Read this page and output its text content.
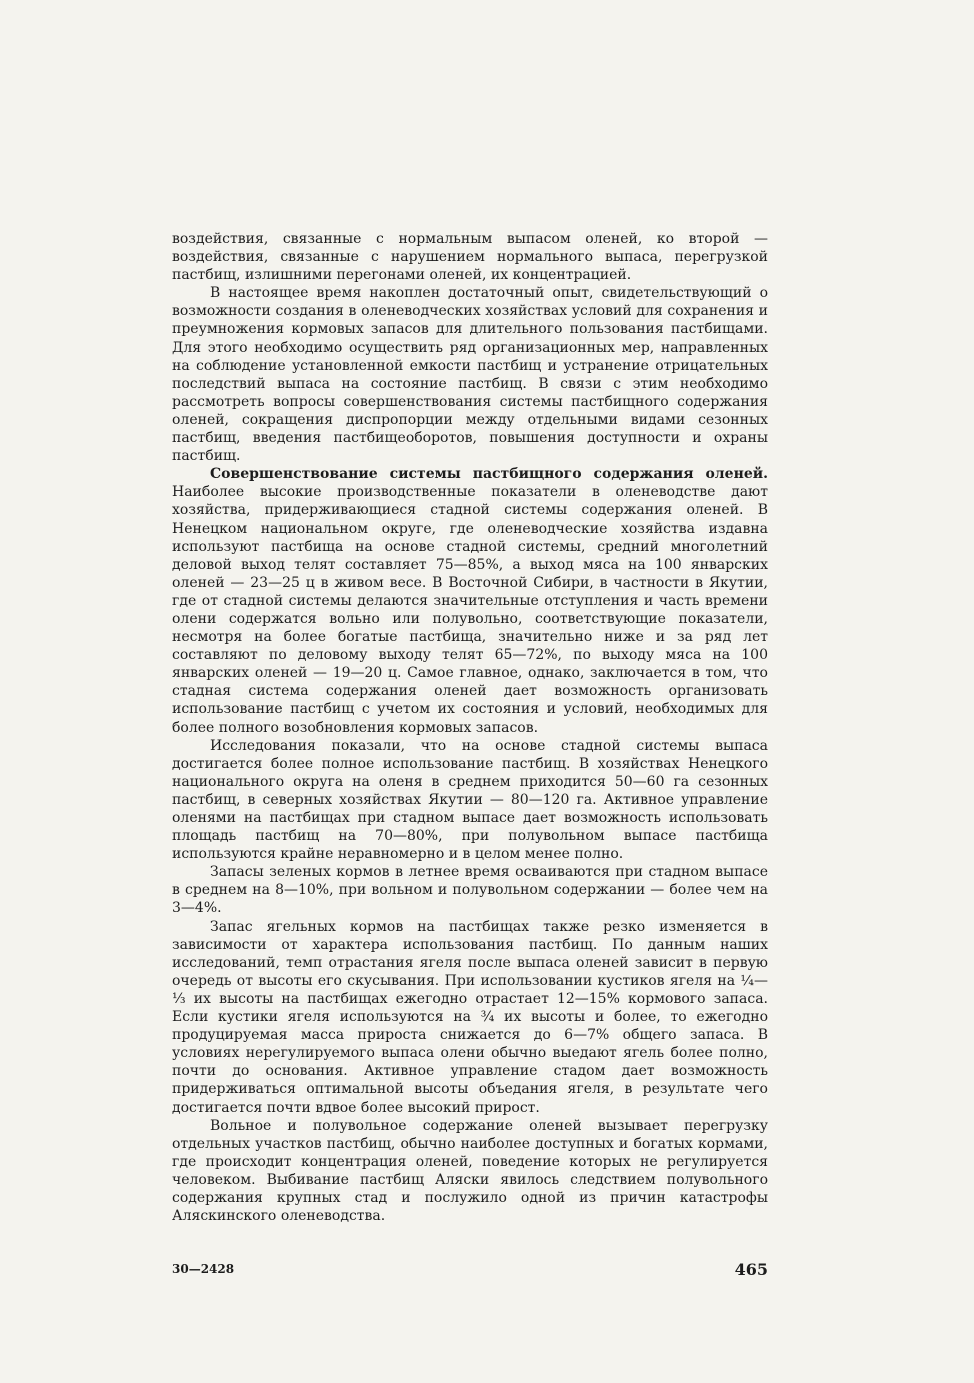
воздействия, связанные с нормальным выпасом оленей, ко второй — воздействия, связанные с нарушением нормального выпаса, перегрузкой пастбищ, излишними перегонами оленей, их концентрацией.

В настоящее время накоплен достаточный опыт, свидетельствующий о возможности создания в оленеводческих хозяйствах условий для сохранения и преумножения кормовых запасов для длительного пользования пастбищами. Для этого необходимо осуществить ряд организационных мер, направленных на соблюдение установленной емкости пастбищ и устранение отрицательных последствий выпаса на состояние пастбищ. В связи с этим необходимо рассмотреть вопросы совершенствования системы пастбищного содержания оленей, сокращения диспропорции между отдельными видами сезонных пастбищ, введения пастбищеоборотов, повышения доступности и охраны пастбищ.

Совершенствование системы пастбищного содержания оленей. Наиболее высокие производственные показатели в оленеводстве дают хозяйства, придерживающиеся стадной системы содержания оленей. В Ненецком национальном округе, где оленеводческие хозяйства издавна используют пастбища на основе стадной системы, средний многолетний деловой выход телят составляет 75—85%, а выход мяса на 100 январских оленей — 23—25 ц в живом весе. В Восточной Сибири, в частности в Якутии, где от стадной системы делаются значительные отступления и часть времени олени содержатся вольно или полувольно, соответствующие показатели, несмотря на более богатые пастбища, значительно ниже и за ряд лет составляют по деловому выходу телят 65—72%, по выходу мяса на 100 январских оленей — 19—20 ц. Самое главное, однако, заключается в том, что стадная система содержания оленей дает возможность организовать использование пастбищ с учетом их состояния и условий, необходимых для более полного возобновления кормовых запасов.

Исследования показали, что на основе стадной системы выпаса достигается более полное использование пастбищ. В хозяйствах Ненецкого национального округа на оленя в среднем приходится 50—60 га сезонных пастбищ, в северных хозяйствах Якутии — 80—120 га. Активное управление оленями на пастбищах при стадном выпасе дает возможность использовать площадь пастбищ на 70—80%, при полувольном выпасе пастбища используются крайне неравномерно и в целом менее полно.

Запасы зеленых кормов в летнее время осваиваются при стадном выпасе в среднем на 8—10%, при вольном и полувольном содержании — более чем на 3—4%.

Запас ягельных кормов на пастбищах также резко изменяется в зависимости от характера использования пастбищ. По данным наших исследований, темп отрастания ягеля после выпаса оленей зависит в первую очередь от высоты его скусывания. При использовании кустиков ягеля на ¼—⅓ их высоты на пастбищах ежегодно отрастает 12—15% кормового запаса. Если кустики ягеля используются на ¾ их высоты и более, то ежегодно продуцируемая масса прироста снижается до 6—7% общего запаса. В условиях нерегулируемого выпаса олени обычно выедают ягель более полно, почти до основания. Активное управление стадом дает возможность придерживаться оптимальной высоты объедания ягеля, в результате чего достигается почти вдвое более высокий прирост.

Вольное и полувольное содержание оленей вызывает перегрузку отдельных участков пастбищ, обычно наиболее доступных и богатых кормами, где происходит концентрация оленей, поведение которых не регулируется человеком. Выбивание пастбищ Аляски явилось следствием полувольного содержания крупных стад и послужило одной из причин катастрофы Аляскинского оленеводства.

30—2428	465
